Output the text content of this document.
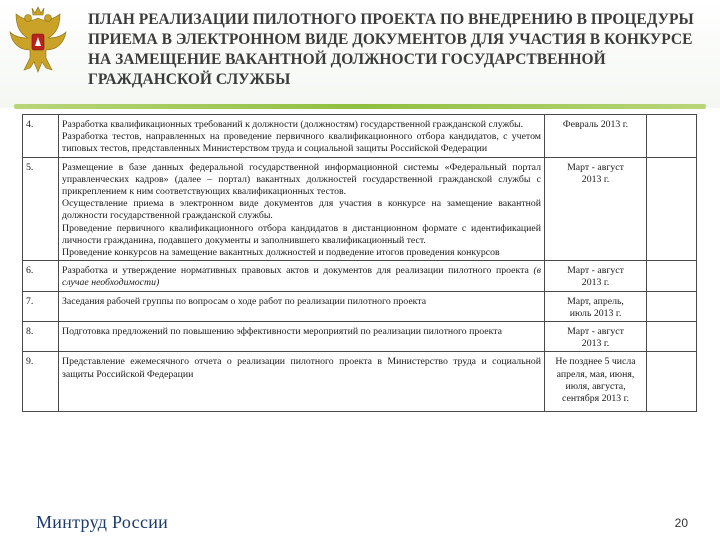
ПЛАН РЕАЛИЗАЦИИ ПИЛОТНОГО ПРОЕКТА ПО ВНЕДРЕНИЮ В ПРОЦЕДУРЫ ПРИЕМА В ЭЛЕКТРОННОМ ВИДЕ ДОКУМЕНТОВ ДЛЯ УЧАСТИЯ В КОНКУРСЕ НА ЗАМЕЩЕНИЕ ВАКАНТНОЙ ДОЛЖНОСТИ ГОСУДАРСТВЕННОЙ ГРАЖДАНСКОЙ СЛУЖБЫ
4.	Разработка квалификационных требований к должности (должностям) государственной гражданской службы.

Разработка тестов, направленных на проведение первичного квалификационного отбора кандидатов, с учетом типовых тестов, представленных Министерством труда и социальной защиты Российской Федерации	Февраль 2013 г.	
5.	Размещение в базе данных федеральной государственной информационной системы «Федеральный портал управленческих кадров» (далее – портал) вакантных должностей государственной гражданской службы с прикреплением к ним соответствующих квалификационных тестов.

Осуществление приема в электронном виде документов для участия в конкурсе на замещение вакантной должности государственной гражданской службы.

Проведение первичного квалификационного отбора кандидатов в дистанционном формате с идентификацией личности гражданина, подавшего документы и заполнившего квалификационный тест.

Проведение конкурсов на замещение вакантных должностей и подведение итогов проведения конкурсов	Март - август 2013 г.	

6.	Разработка и утверждение нормативных правовых актов и документов для реализации пилотного проекта (в случае необходимости)	Март - август 2013 г.	

7.	Заседания рабочей группы по вопросам о ходе работ по реализации пилотного проекта	Март, апрель, июль 2013 г.	

8.	Подготовка предложений по повышению эффективности мероприятий по реализации пилотного проекта	Март - август 2013 г.	

9.	Представление ежемесячного отчета о реализации пилотного проекта в Министерство труда и социальной защиты Российской Федерации	Не позднее 5 числа апреля, мая, июня, июля, августа, сентября 2013 г.	

Минтруд России	20
